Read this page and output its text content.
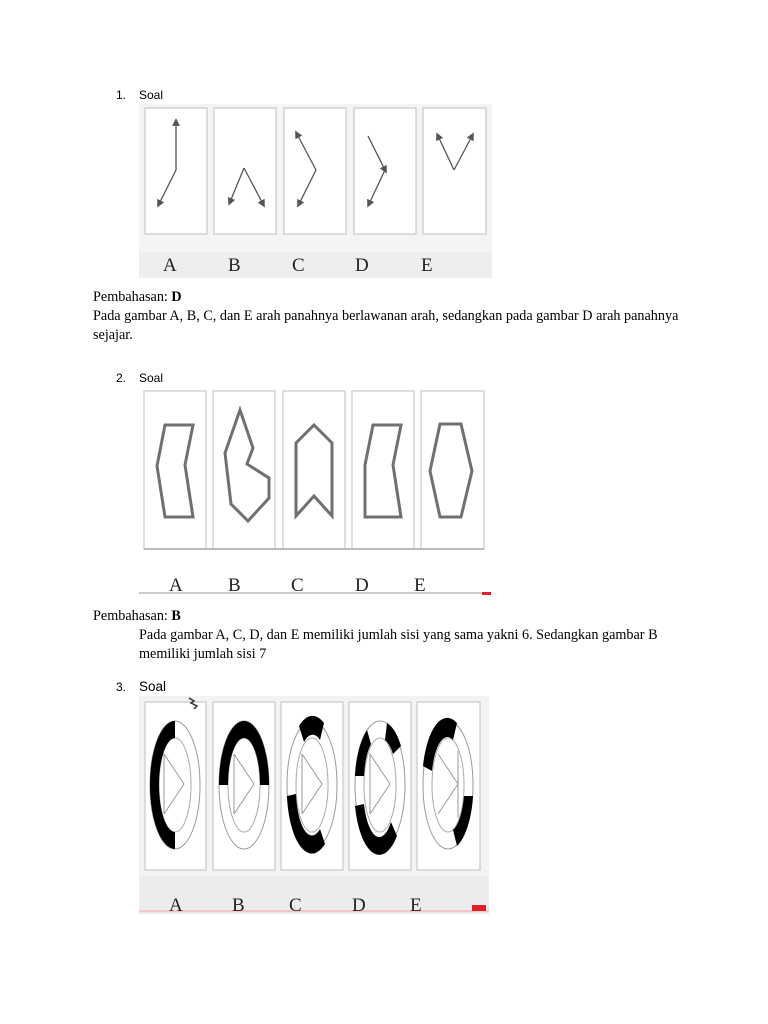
1. Soal
A	B	C	D	E
Pembahasan: D
Pada gambar A, B, C, dan E arah panahnya berlawanan arah, sedangkan pada gambar D arah panahnya sejajar.
2. Soal
A B	C	D E
Pembahasan: B
Pada gambar A, C, D, dan E memiliki jumlah sisi yang sama yakni 6. Sedangkan gambar B memiliki jumlah sisi 7
3. Soal
A	B C	D E
